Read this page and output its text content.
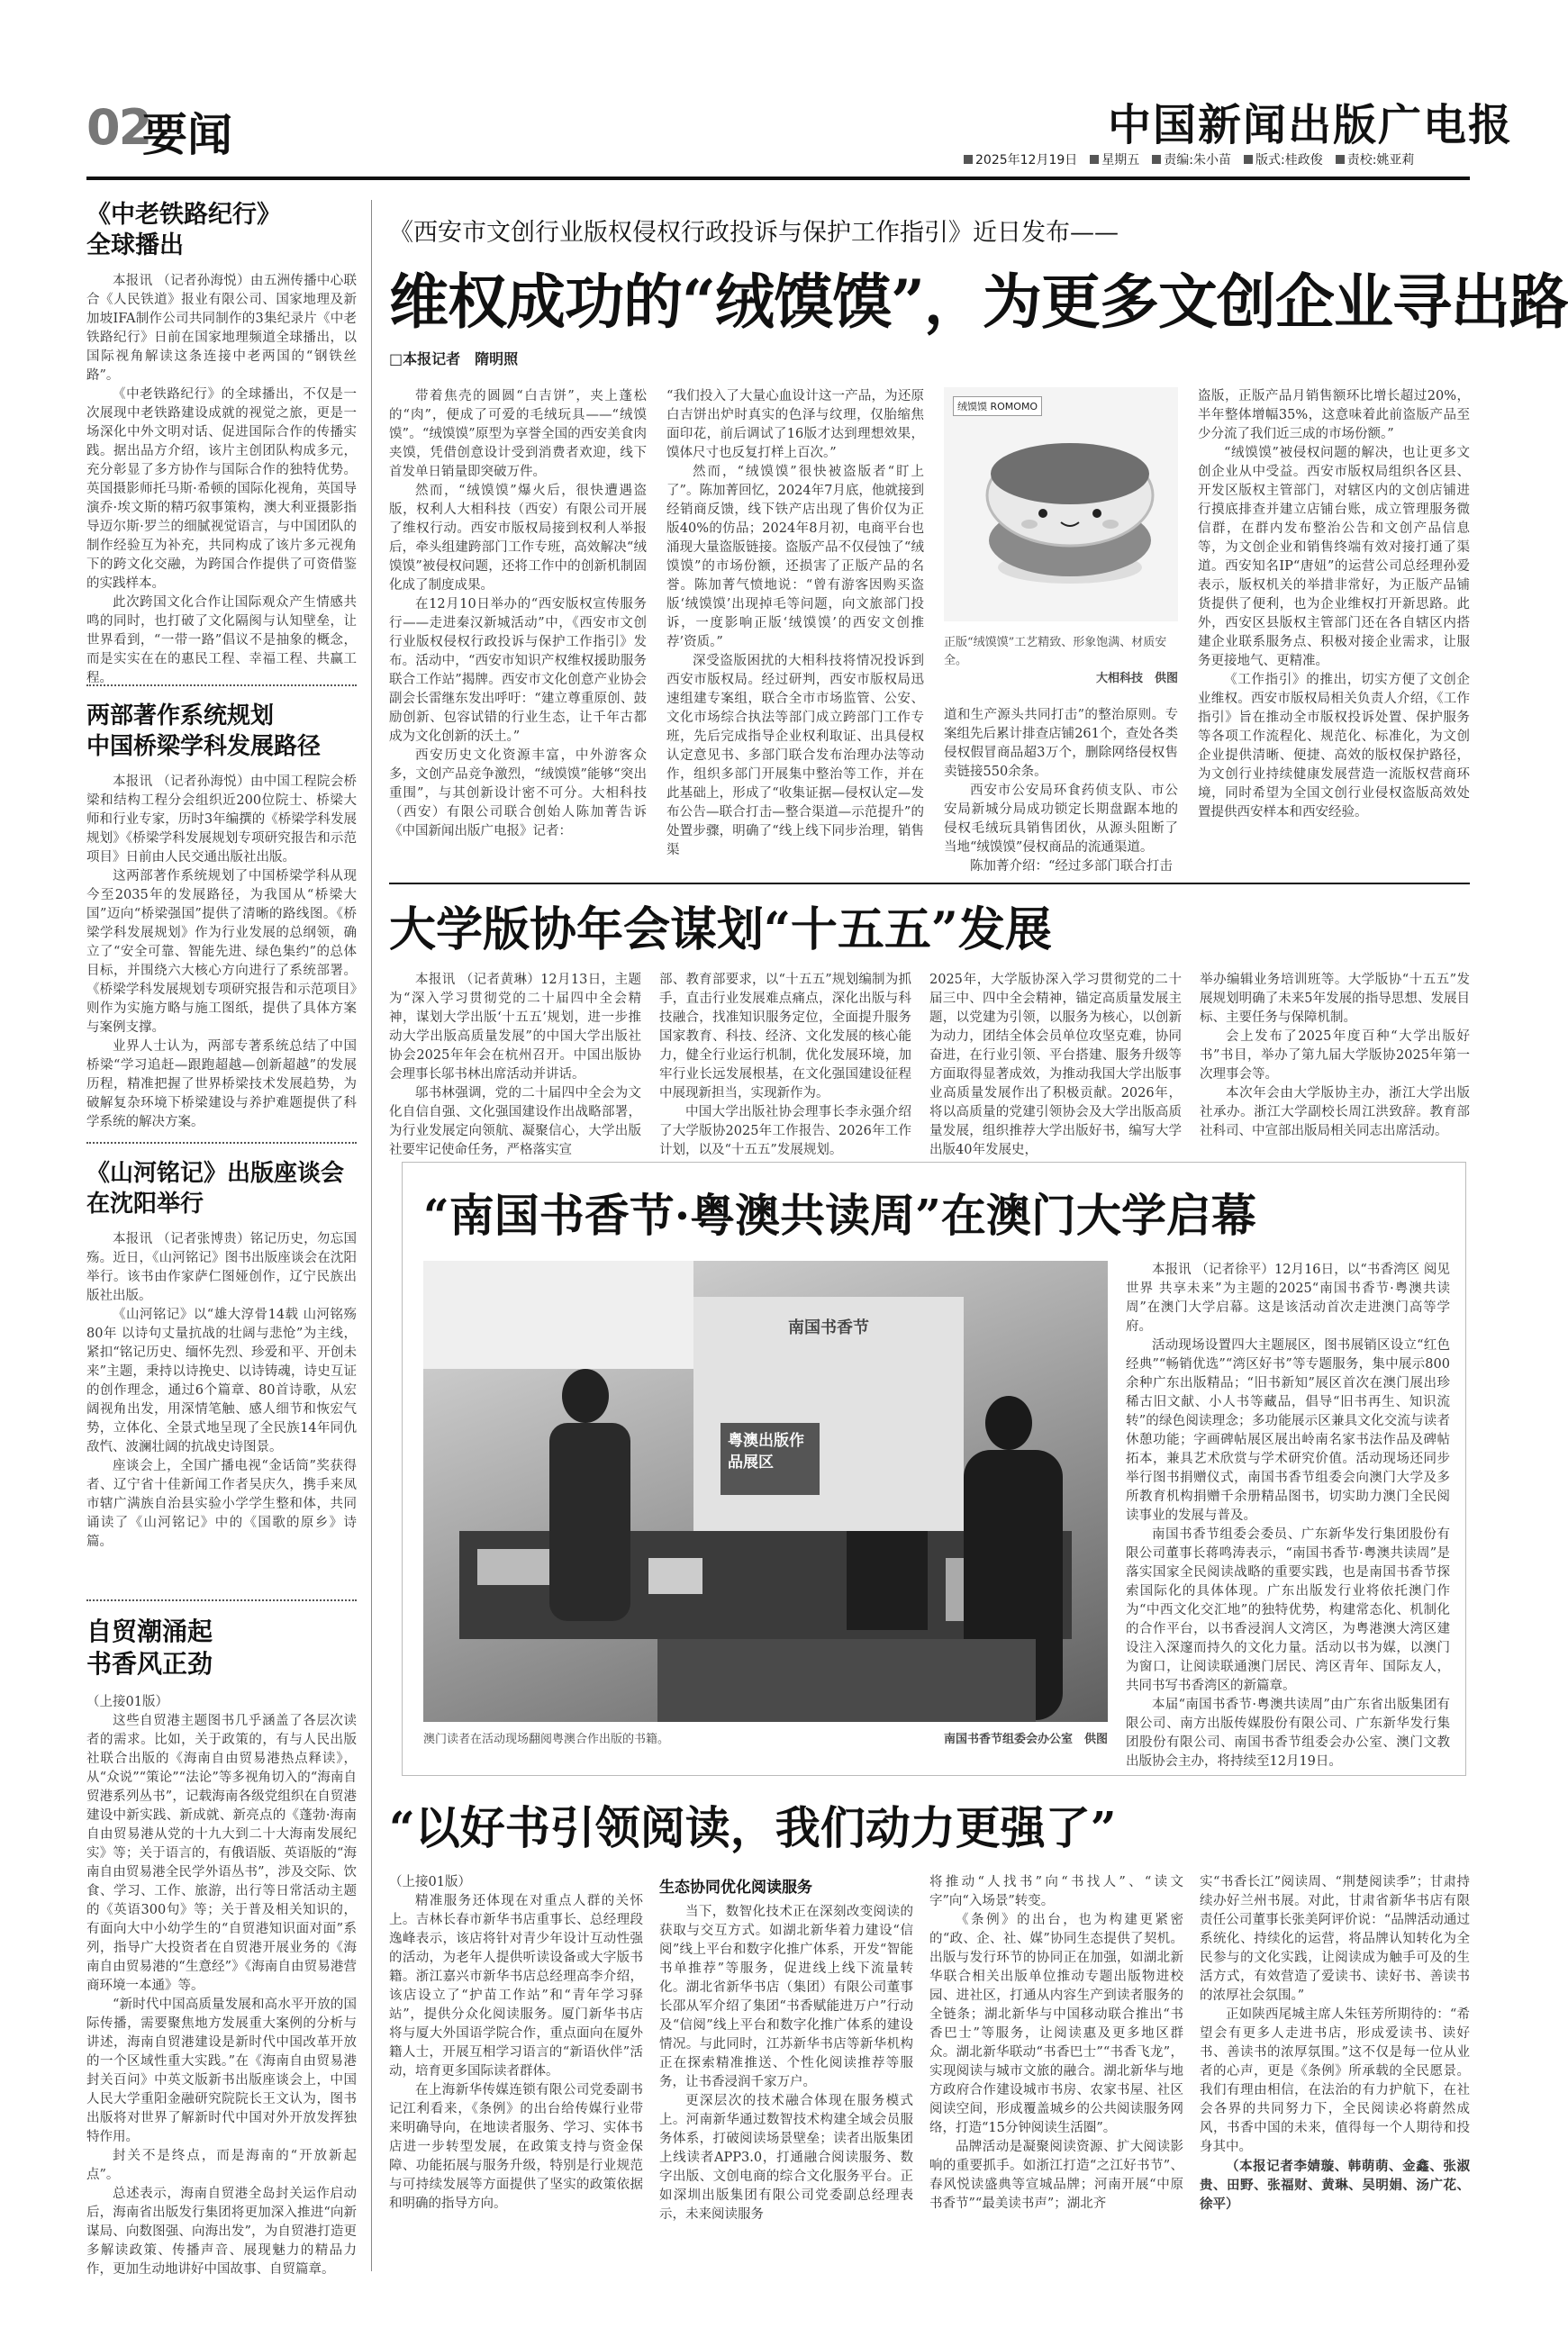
02
要闻	中国新闻出版广电报
2025年12月19日	星期五	责编:朱小苗	版式:桂政俊	责校:姚亚莉
《中老铁路纪行》
全球播出

本报讯 （记者孙海悦）由五洲传播中心联合《人民铁道》报业有限公司、国家地理及新加坡IFA制作公司共同制作的3集纪录片《中老铁路纪行》日前在国家地理频道全球播出，以国际视角解读这条连接中老两国的“钢铁丝路”。

《中老铁路纪行》的全球播出，不仅是一次展现中老铁路建设成就的视觉之旅，更是一场深化中外文明对话、促进国际合作的传播实践。据出品方介绍，该片主创团队构成多元，充分彰显了多方协作与国际合作的独特优势。英国摄影师托马斯·希顿的国际化视角，英国导演乔·埃文斯的精巧叙事策构，澳大利亚摄影指导迈尔斯·罗兰的细腻视觉语言，与中国团队的制作经验互为补充，共同构成了该片多元视角下的跨文化交融，为跨国合作提供了可资借鉴的实践样本。

此次跨国文化合作让国际观众产生情感共鸣的同时，也打破了文化隔阂与认知壁垒，让世界看到，“一带一路”倡议不是抽象的概念，而是实实在在的惠民工程、幸福工程、共赢工程。

两部著作系统规划
中国桥梁学科发展路径

本报讯 （记者孙海悦）由中国工程院会桥梁和结构工程分会组织近200位院士、桥梁大师和行业专家，历时3年编撰的《桥梁学科发展规划》《桥梁学科发展规划专项研究报告和示范项目》日前由人民交通出版社出版。

这两部著作系统规划了中国桥梁学科从现今至2035年的发展路径，为我国从“桥梁大国”迈向“桥梁强国”提供了清晰的路线图。《桥梁学科发展规划》作为行业发展的总纲领，确立了“安全可靠、智能先进、绿色集约”的总体目标，并围绕六大核心方向进行了系统部署。《桥梁学科发展规划专项研究报告和示范项目》则作为实施方略与施工图纸，提供了具体方案与案例支撑。

业界人士认为，两部专著系统总结了中国桥梁“学习追赶—跟跑超越—创新超越”的发展历程，精准把握了世界桥梁技术发展趋势，为破解复杂环境下桥梁建设与养护难题提供了科学系统的解决方案。

《山河铭记》出版座谈会
在沈阳举行

本报讯 （记者张博贵）铭记历史，勿忘国殇。近日，《山河铭记》图书出版座谈会在沈阳举行。该书由作家萨仁图娅创作，辽宁民族出版社出版。

《山河铭记》以“雄大淳骨14载 山河铭殇80年 以诗句丈量抗战的壮阔与悲怆”为主线，紧扣“铭记历史、缅怀先烈、珍爱和平、开创未来”主题，秉持以诗挽史、以诗铸魂，诗史互证的创作理念，通过6个篇章、80首诗歌，从宏阔视角出发，用深情笔触、感人细节和恢宏气势，立体化、全景式地呈现了全民族14年同仇敌忾、波澜壮阔的抗战史诗图景。

座谈会上，全国广播电视“金话筒”奖获得者、辽宁省十佳新闻工作者吴庆久，携手来凤市辖广满族自治县实验小学学生整和体，共同诵读了《山河铭记》中的《国歌的原乡》诗篇。

自贸潮涌起
书香风正劲

（上接01版）

这些自贸港主题图书几乎涵盖了各层次读者的需求。比如，关于政策的，有与人民出版社联合出版的《海南自由贸易港热点释读》，从“众说”“策论”“法论”等多视角切入的“海南自贸港系列丛书”，记载海南各级党组织在自贸港建设中新实践、新成就、新亮点的《蓬勃·海南自由贸易港从党的十九大到二十大海南发展纪实》等；关于语言的，有俄语版、英语版的“海南自由贸易港全民学外语丛书”，涉及交际、饮食、学习、工作、旅游，出行等日常活动主题的《英语300句》等；关于普及相关知识的，有面向大中小幼学生的“自贸港知识面对面”系列，指导广大投资者在自贸港开展业务的《海南自由贸易港的“生意经”》《海南自由贸易港营商环境一本通》等。

“新时代中国高质量发展和高水平开放的国际传播，需要聚焦地方发展重大案例的分析与讲述，海南自贸港建设是新时代中国改革开放的一个区域性重大实践。”在《海南自由贸易港封关百问》中英文版新书出版座谈会上，中国人民大学重阳金融研究院院长王文认为，图书出版将对世界了解新时代中国对外开放发挥独特作用。

封关不是终点，而是海南的“开放新起点”。

总述表示，海南自贸港全岛封关运作启动后，海南省出版发行集团将更加深入推进“向新谋局、向数图强、向海出发”，为自贸港打造更多解读政策、传播声音、展现魅力的精品力作，更加生动地讲好中国故事、自贸篇章。

《西安市文创行业版权侵权行政投诉与保护工作指引》近日发布——
维权成功的“绒馍馍”，为更多文创企业寻出路
□本报记者　隋明照

带着焦壳的圆圆“白吉饼”，夹上蓬松的“肉”，便成了可爱的毛绒玩具——“绒馍馍”。“绒馍馍”原型为享誉全国的西安美食肉夹馍，凭借创意设计受到消费者欢迎，线下首发单日销量即突破万件。

然而，“绒馍馍”爆火后，很快遭遇盗版，权利人大相科技（西安）有限公司开展了维权行动。西安市版权局接到权利人举报后，牵头组建跨部门工作专班，高效解决“绒馍馍”被侵权问题，还将工作中的创新机制固化成了制度成果。

在12月10日举办的“西安版权宣传服务行——走进秦汉新城活动”中，《西安市文创行业版权侵权行政投诉与保护工作指引》发布。活动中，“西安市知识产权维权援助服务联合工作站”揭牌。西安市文化创意产业协会副会长雷继东发出呼吁：“建立尊重原创、鼓励创新、包容试错的行业生态，让千年古都成为文化创新的沃土。”

西安历史文化资源丰富，中外游客众多，文创产品竞争激烈，“绒馍馍”能够“突出重围”，与其创新设计密不可分。大相科技（西安）有限公司联合创始人陈加菁告诉《中国新闻出版广电报》记者：

“我们投入了大量心血设计这一产品，为还原白吉饼出炉时真实的色泽与纹理，仅胎缩焦面印花，前后调试了16版才达到理想效果，馍体尺寸也反复打样上百次。”

然而，“绒馍馍”很快被盗版者“盯上了”。陈加菁回忆，2024年7月底，他就接到经销商反馈，线下铁产店出现了售价仅为正版40%的仿品；2024年8月初，电商平台也涌现大量盗版链接。盗版产品不仅侵蚀了“绒馍馍”的市场份额，还损害了正版产品的名誉。陈加菁气愤地说：“曾有游客因购买盗版‘绒馍馍’出现掉毛等问题，向文旅部门投诉，一度影响正版‘绒馍馍’的西安文创推荐’资质。”

深受盗版困扰的大相科技将情况投诉到西安市版权局。经过研判，西安市版权局迅速组建专案组，联合全市市场监管、公安、文化市场综合执法等部门成立跨部门工作专班，先后完成指导企业权利取证、出具侵权认定意见书、多部门联合发布治理办法等动作，组织多部门开展集中整治等工作，并在此基础上，形成了“收集证据—侵权认定—发布公告—联合打击—整合渠道—示范提升”的处置步骤，明确了“线上线下同步治理，销售渠

绒馍馍 ROMOMO
正版“绒馍馍”工艺精致、形象饱满、材质安全。
大相科技　供图

道和生产源头共同打击”的整治原则。专案组先后累计排查店铺261个，查处各类侵权假冒商品超3万个，删除网络侵权售卖链接550余条。

西安市公安局环食药侦支队、市公安局新城分局成功锁定长期盘踞本地的侵权毛绒玩具销售团伙，从源头阻断了当地“绒馍馍”侵权商品的流通渠道。

陈加菁介绍：“经过多部门联合打击

盗版，正版产品月销售额环比增长超过20%，半年整体增幅35%，这意味着此前盗版产品至少分流了我们近三成的市场份额。”

“绒馍馍”被侵权问题的解决，也让更多文创企业从中受益。西安市版权局组织各区县、开发区版权主管部门，对辖区内的文创店铺进行摸底排查并建立店铺台账，成立管理服务微信群，在群内发布整治公告和文创产品信息等，为文创企业和销售终端有效对接打通了渠道。西安知名IP“唐妞”的运营公司总经理孙爱表示，版权机关的举措非常好，为正版产品铺货提供了便利，也为企业维权打开新思路。此外，西安区县版权主管部门还在各自辖区内搭建企业联系服务点、积极对接企业需求，让服务更接地气、更精准。

《工作指引》的推出，切实方便了文创企业维权。西安市版权局相关负责人介绍，《工作指引》旨在推动全市版权投诉处置、保护服务等各项工作流程化、规范化、标准化，为文创企业提供清晰、便捷、高效的版权保护路径，为文创行业持续健康发展营造一流版权营商环境，同时希望为全国文创行业侵权盗版高效处置提供西安样本和西安经验。

大学版协年会谋划“十五五”发展

本报讯 （记者黄琳）12月13日，主题为“深入学习贯彻党的二十届四中全会精神，谋划大学出版‘十五五’规划，进一步推动大学出版高质量发展”的中国大学出版社协会2025年年会在杭州召开。中国出版协会理事长邬书林出席活动并讲话。

邬书林强调，党的二十届四中全会为文化自信自强、文化强国建设作出战略部署，为行业发展定向领航、凝聚信心，大学出版社要牢记使命任务，严格落实宣

部、教育部要求，以“十五五”规划编制为抓手，直击行业发展难点痛点，深化出版与科技融合，找准知识服务定位，全面提升服务国家教育、科技、经济、文化发展的核心能力，健全行业运行机制，优化发展环境，加牢行业长远发展根基，在文化强国建设征程中展现新担当，实现新作为。

中国大学出版社协会理事长李永强介绍了大学版协2025年工作报告、2026年工作计划，以及“十五五”发展规划。

2025年，大学版协深入学习贯彻党的二十届三中、四中全会精神，锚定高质量发展主题，以党建为引领，以服务为核心，以创新为动力，团结全体会员单位攻坚克难，协同奋进，在行业引领、平台搭建、服务升级等方面取得显著成效，为推动我国大学出版事业高质量发展作出了积极贡献。2026年，将以高质量的党建引领协会及大学出版高质量发展，组织推荐大学出版好书，编写大学出版40年发展史，

举办编辑业务培训班等。大学版协“十五五”发展规划明确了未来5年发展的指导思想、发展目标、主要任务与保障机制。

会上发布了2025年度百种“大学出版好书”书目，举办了第九届大学版协2025年第一次理事会等。

本次年会由大学版协主办，浙江大学出版社承办。浙江大学副校长周江洪致辞。教育部社科司、中宣部出版局相关同志出席活动。

“南国书香节·粤澳共读周”在澳门大学启幕
粤澳出版作品展区
南国书香节
澳门读者在活动现场翻阅粤澳合作出版的书籍。	南国书香节组委会办公室　供图

本报讯 （记者徐平）12月16日，以“书香湾区 阅见世界 共享未来”为主题的2025“南国书香节·粤澳共读周”在澳门大学启幕。这是该活动首次走进澳门高等学府。

活动现场设置四大主题展区，图书展销区设立“红色经典”“畅销优选”“湾区好书”等专题服务，集中展示800余种广东出版精品；“旧书新知”展区首次在澳门展出珍稀古旧文献、小人书等藏品，倡导“旧书再生、知识流转”的绿色阅读理念；多功能展示区兼具文化交流与读者休憩功能；字画碑帖展区展出岭南名家书法作品及碑帖拓本，兼具艺术欣赏与学术研究价值。活动现场还同步举行图书捐赠仪式，南国书香节组委会向澳门大学及多所教育机构捐赠千余册精品图书，切实助力澳门全民阅读事业的发展与普及。

南国书香节组委会委员、广东新华发行集团股份有限公司董事长蒋鸣涛表示，“南国书香节·粤澳共读周”是落实国家全民阅读战略的重要实践，也是南国书香节探索国际化的具体体现。广东出版发行业将依托澳门作为“中西文化交汇地”的独特优势，构建常态化、机制化的合作平台，以书香浸润人文湾区，为粤港澳大湾区建设注入深邃而持久的文化力量。活动以书为媒，以澳门为窗口，让阅读联通澳门居民、湾区青年、国际友人，共同书写书香湾区的新篇章。

本届“南国书香节·粤澳共读周”由广东省出版集团有限公司、南方出版传媒股份有限公司、广东新华发行集团股份有限公司、南国书香节组委会办公室、澳门文教出版协会主办，将持续至12月19日。

“以好书引领阅读，我们动力更强了”

（上接01版）

精准服务还体现在对重点人群的关怀上。吉林长春市新华书店重事长、总经理段逸峰表示，该店将针对青少年设计互动性强的活动，为老年人提供听读设备或大字版书籍。浙江嘉兴市新华书店总经理高李介绍，该店设立了“护苗工作站”和“青年学习驿站”，提供分众化阅读服务。厦门新华书店将与厦大外国语学院合作，重点面向在厦外籍人士，开展互相学习语言的“新语伙伴”活动，培育更多国际读者群体。

在上海新华传媒连锁有限公司党委副书记江利看来，《条例》的出台给传媒行业带来明确导向，在地读者服务、学习、实体书店进一步转型发展，在政策支持与资金保障、功能拓展与服务升级，特别是行业规范与可持续发展等方面提供了坚实的政策依据和明确的指导方向。

生态协同优化阅读服务

当下，数智化技术正在深刻改变阅读的获取与交互方式。如湖北新华着力建设“信阅”线上平台和数字化推广体系，开发“智能书单推荐”等服务，促进线上线下流量转化。湖北省新华书店（集团）有限公司董事长邵从军介绍了集团“书香赋能进万户”行动及“信阅”线上平台和数字化推广体系的建设情况。与此同时，江苏新华书店等新华机构正在探索精准推送、个性化阅读推荐等服务，让书香浸润千家万户。

更深层次的技术融合体现在服务模式上。河南新华通过数智技术构建全域会员服务体系，打破阅读场景壁垒；读者出版集团上线读者APP3.0，打通融合阅读服务、数字出版、文创电商的综合文化服务平台。正如深圳出版集团有限公司党委副总经理表示，未来阅读服务

将推动“人找书”向“书找人”、“读文字”向“入场景”转变。

《条例》的出台，也为构建更紧密的“政、企、社、媒”协同生态提供了契机。出版与发行环节的协同正在加强，如湖北新华联合相关出版单位推动专题出版物进校园、进社区，打通从内容生产到读者服务的全链条；湖北新华与中国移动联合推出“书香巴士”等服务，让阅读惠及更多地区群众。湖北新华联动“书香巴士”“书香飞龙”，实现阅读与城市文旅的融合。湖北新华与地方政府合作建设城市书房、农家书屋、社区阅读空间，形成覆盖城乡的公共阅读服务网络，打造“15分钟阅读生活圈”。

品牌活动是凝聚阅读资源、扩大阅读影响的重要抓手。如浙江打造“之江好书节”、春风悦读盛典等宣城品牌；河南开展“中原书香节”“最美读书声”；湖北齐

实“书香长江”阅读周、“荆楚阅读季”；甘肃持续办好兰州书展。对此，甘肃省新华书店有限责任公司董事长张美阿评价说：“品牌活动通过系统化、持续化的运营，将品牌认知转化为全民参与的文化实践，让阅读成为触手可及的生活方式，有效营造了爱读书、读好书、善读书的浓厚社会氛围。”

正如陕西尾城主席人朱钰芳所期待的：“希望会有更多人走进书店，形成爱读书、读好书、善读书的浓厚氛围。”这不仅是每一位从业者的心声，更是《条例》所承载的全民愿景。我们有理由相信，在法治的有力护航下，在社会各界的共同努力下，全民阅读必将蔚然成风，书香中国的未来，值得每一个人期待和投身其中。

（本报记者李婧璇、韩萌萌、金鑫、张淑贵、田野、张福财、黄琳、吴明娟、汤广花、徐平）
